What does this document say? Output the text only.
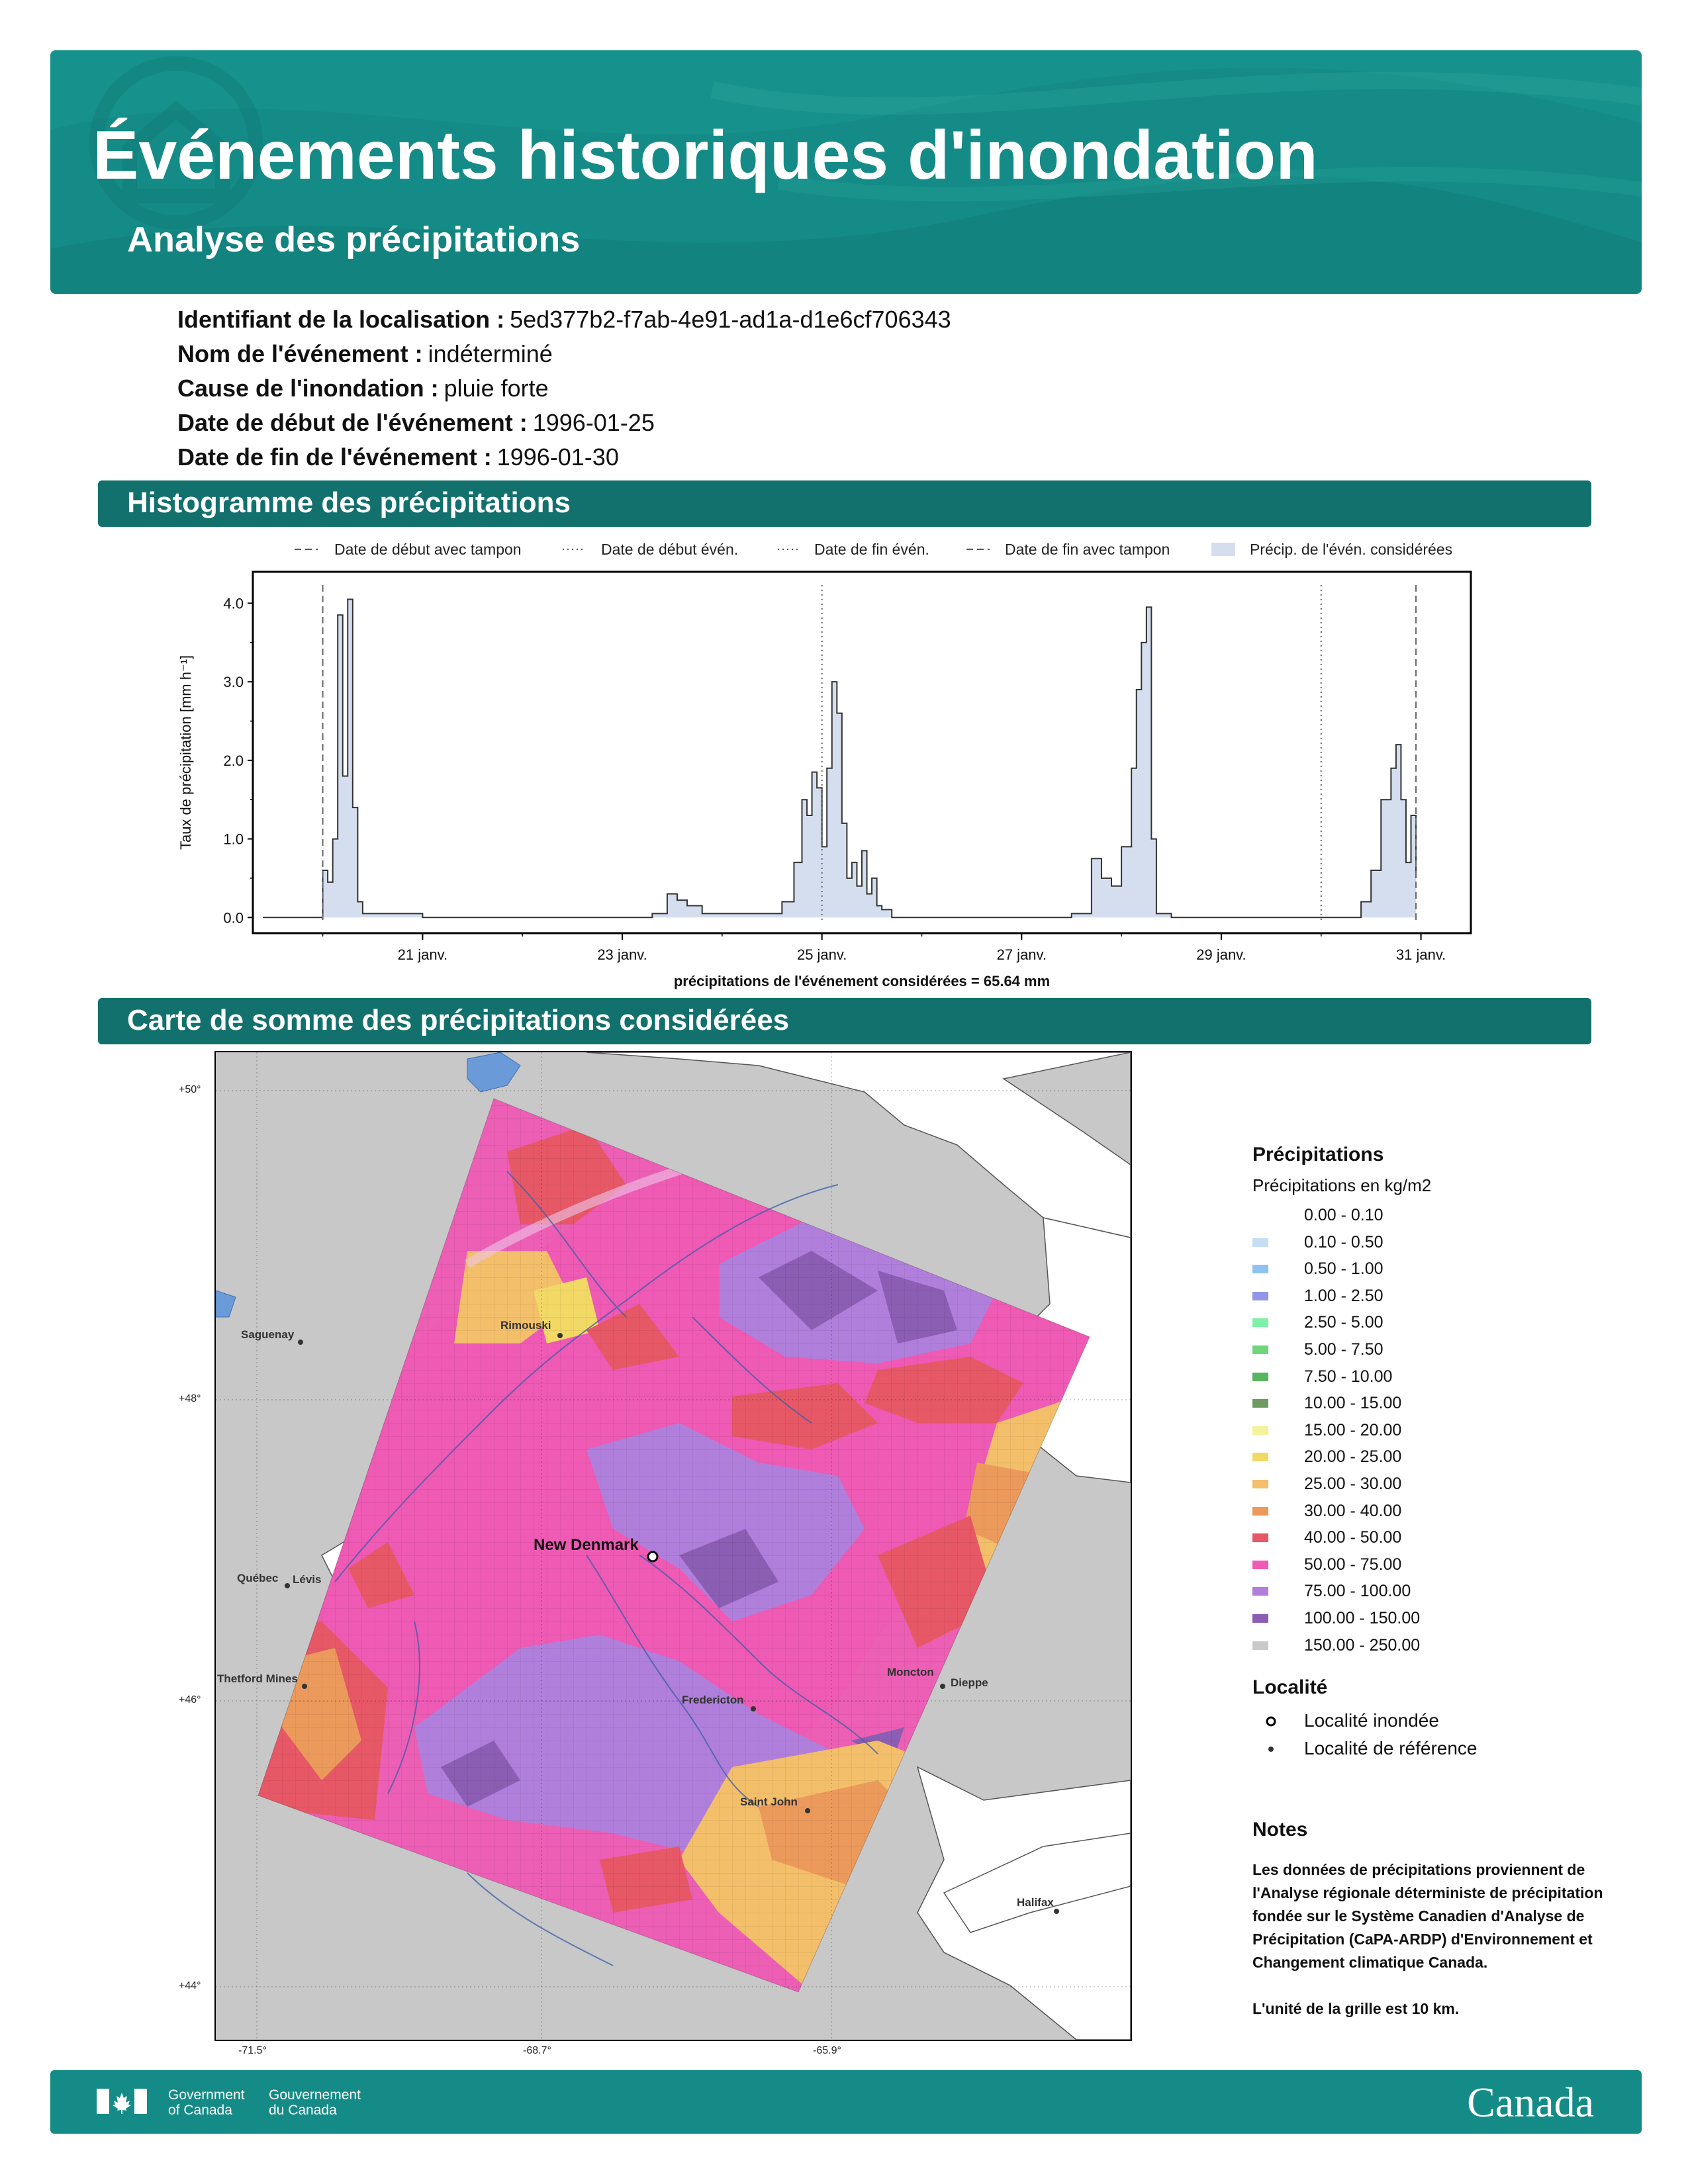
Événements historiques d'inondation
Analyse des précipitations
Identifiant de la localisation : 5ed377b2-f7ab-4e91-ad1a-d1e6cf706343
Nom de l'événement : indéterminé
Cause de l'inondation : pluie forte
Date de début de l'événement : 1996-01-25
Date de fin de l'événement : 1996-01-30
Histogramme des précipitations
Date de début avec tampon	Date de début évén.	Date de fin évén.	Date de fin avec tampon	Précip. de l'évén. considérées
0.0
1.0
2.0
3.0
4.0
21 janv.	23 janv.	25 janv.	27 janv.	29 janv.	31 janv.
Taux de précipitation [mm h⁻¹]
précipitations de l'événement considérées = 65.64 mm
Carte de somme des précipitations considérées
New Denmark
Rimouski
Saguenay
Québec Lévis
Thetford Mines
Fredericton
Moncton
Dieppe
Saint John
Halifax
+50°
+48°
+46°
+44°
-71.5°	-68.7°	-65.9°
Précipitations
Précipitations en kg/m2
0.00 - 0.10
0.10 - 0.50
0.50 - 1.00
1.00 - 2.50
2.50 - 5.00
5.00 - 7.50
7.50 - 10.00
10.00 - 15.00
15.00 - 20.00
20.00 - 25.00
25.00 - 30.00
30.00 - 40.00
40.00 - 50.00
50.00 - 75.00
75.00 - 100.00
100.00 - 150.00
150.00 - 250.00
Localité
Localité inondée
Localité de référence
Notes
Les données de précipitations proviennent de l'Analyse régionale déterministe de précipitation fondée sur le Système Canadien d'Analyse de Précipitation (CaPA-ARDP) d'Environnement et Changement climatique Canada.
L'unité de la grille est 10 km.
Government
of Canada
Gouvernement
du Canada	Canada
